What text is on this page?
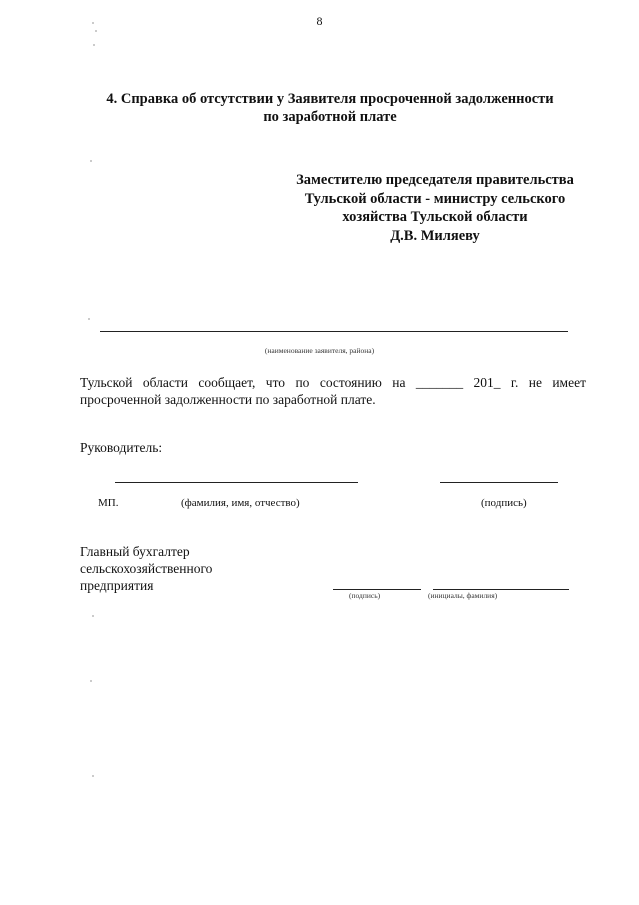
8
4. Справка об отсутствии у Заявителя просроченной задолженности
по заработной плате
Заместителю председателя правительства
Тульской области - министру сельского
хозяйства Тульской области
Д.В. Миляеву
(наименование заявителя, района)
Тульской области сообщает, что по состоянию на _______ 201_ г. не имеет
просроченной задолженности по заработной плате.
Руководитель:
МП.	(фамилия, имя, отчество)	(подпись)
Главный бухгалтер
сельскохозяйственного
предприятия
(подпись)	(инициалы, фамилия)
